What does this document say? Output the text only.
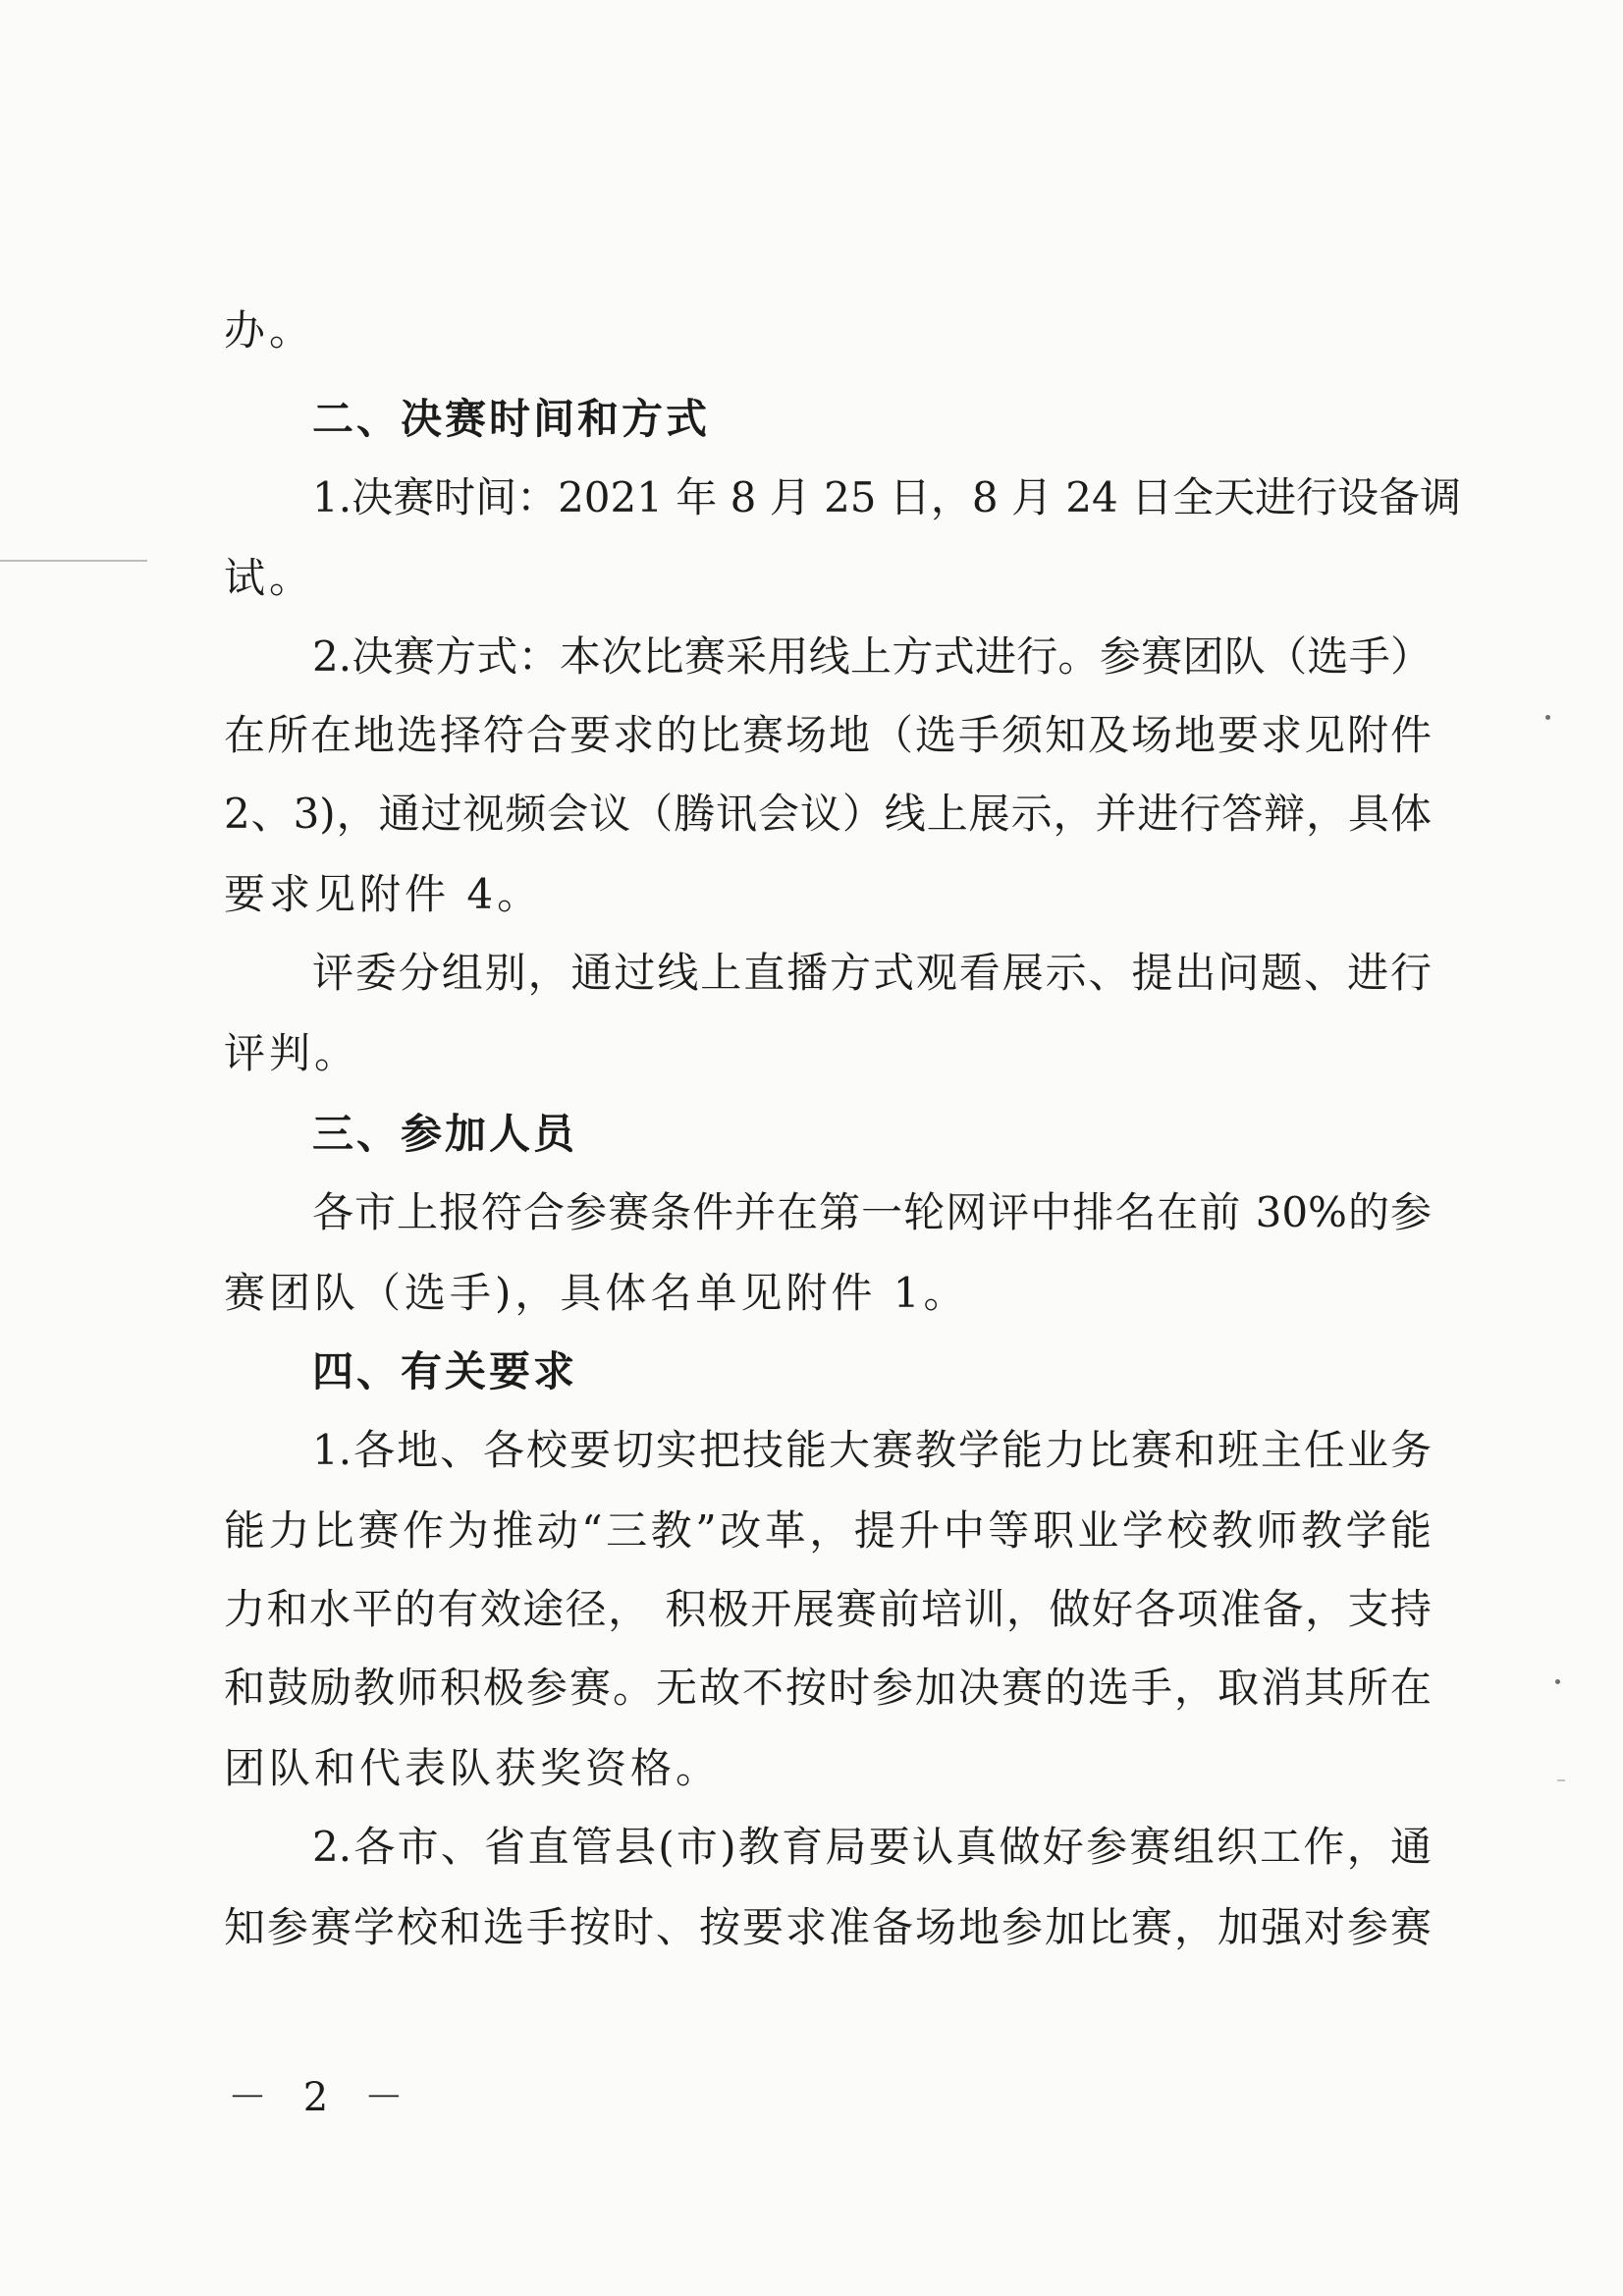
办。
二、决赛时间和方式
1.决赛时间：2021 年 8 月 25 日，8 月 24 日全天进行设备调
试。
2.决赛方式：本次比赛采用线上方式进行。参赛团队（选手）
在所在地选择符合要求的比赛场地（选手须知及场地要求见附件
2、3)，通过视频会议（腾讯会议）线上展示，并进行答辩，具体
要求见附件 4。
评委分组别，通过线上直播方式观看展示、提出问题、进行
评判。
三、参加人员
各市上报符合参赛条件并在第一轮网评中排名在前 30%的参
赛团队（选手)，具体名单见附件 1。
四、有关要求
1.各地、各校要切实把技能大赛教学能力比赛和班主任业务
能力比赛作为推动“三教”改革，提升中等职业学校教师教学能
力和水平的有效途径， 积极开展赛前培训，做好各项准备，支持
和鼓励教师积极参赛。无故不按时参加决赛的选手，取消其所在
团队和代表队获奖资格。
2.各市、省直管县(市)教育局要认真做好参赛组织工作，通
知参赛学校和选手按时、按要求准备场地参加比赛，加强对参赛
－ 2 －
